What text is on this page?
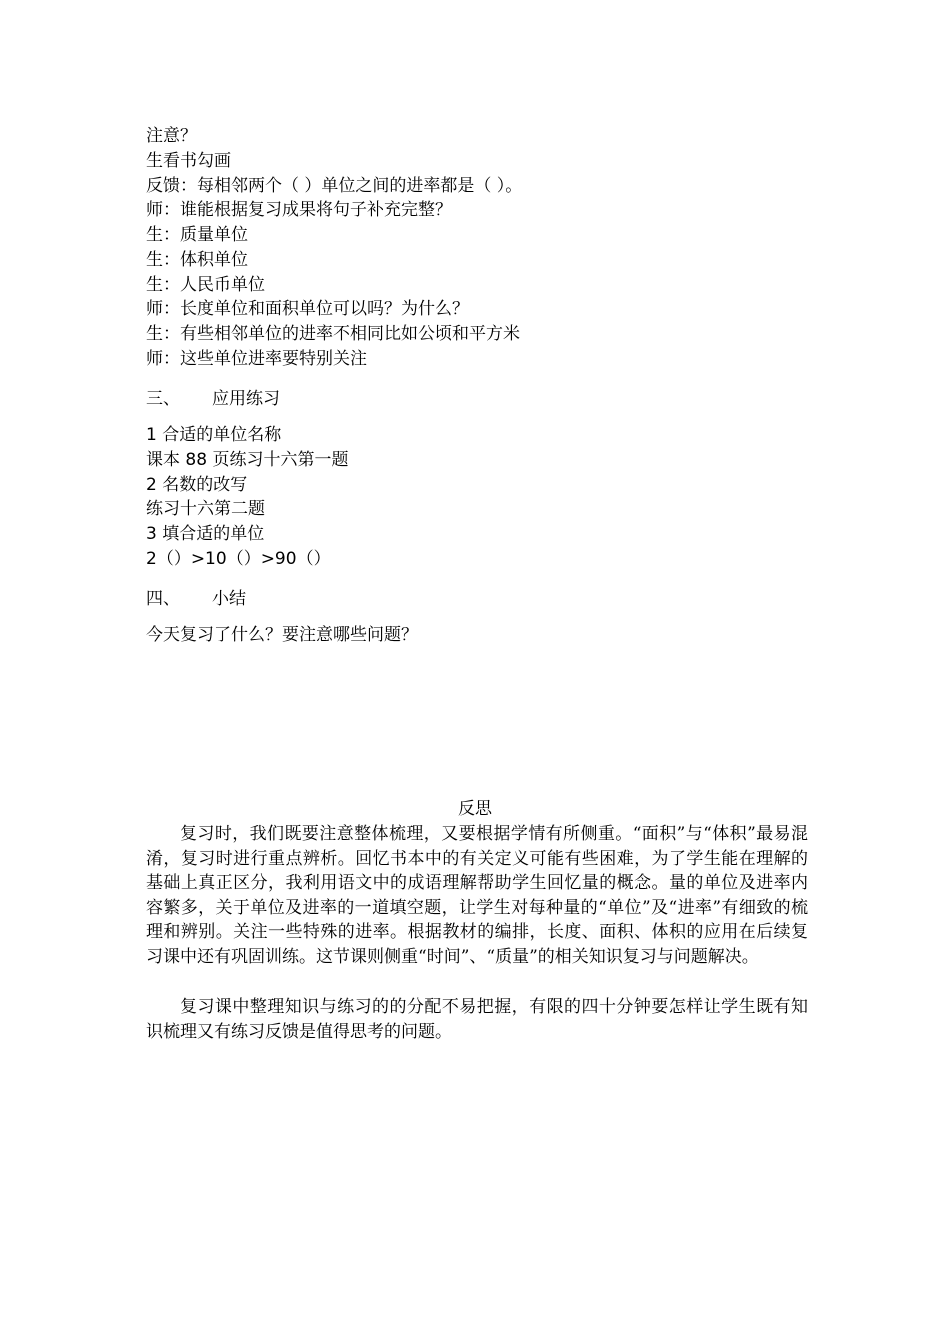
注意？
生看书勾画
反馈：每相邻两个（ ）单位之间的进率都是（ ）。
师：谁能根据复习成果将句子补充完整？
生：质量单位
生：体积单位
生：人民币单位
师：长度单位和面积单位可以吗？为什么？
生：有些相邻单位的进率不相同比如公顷和平方米
师：这些单位进率要特别关注
三、 应用练习
1 合适的单位名称
课本 88 页练习十六第一题
2 名数的改写
练习十六第二题
3 填合适的单位
2（）>10（）>90（）
四、 小结
今天复习了什么？要注意哪些问题？
反思

复习时，我们既要注意整体梳理，又要根据学情有所侧重。“面积”与“体积”最易混淆，复习时进行重点辨析。回忆书本中的有关定义可能有些困难，为了学生能在理解的基础上真正区分，我利用语文中的成语理解帮助学生回忆量的概念。量的单位及进率内容繁多，关于单位及进率的一道填空题，让学生对每种量的“单位”及“进率”有细致的梳理和辨别。关注一些特殊的进率。根据教材的编排，长度、面积、体积的应用在后续复习课中还有巩固训练。这节课则侧重“时间”、“质量”的相关知识复习与问题解决。

复习课中整理知识与练习的的分配不易把握，有限的四十分钟要怎样让学生既有知识梳理又有练习反馈是值得思考的问题。
